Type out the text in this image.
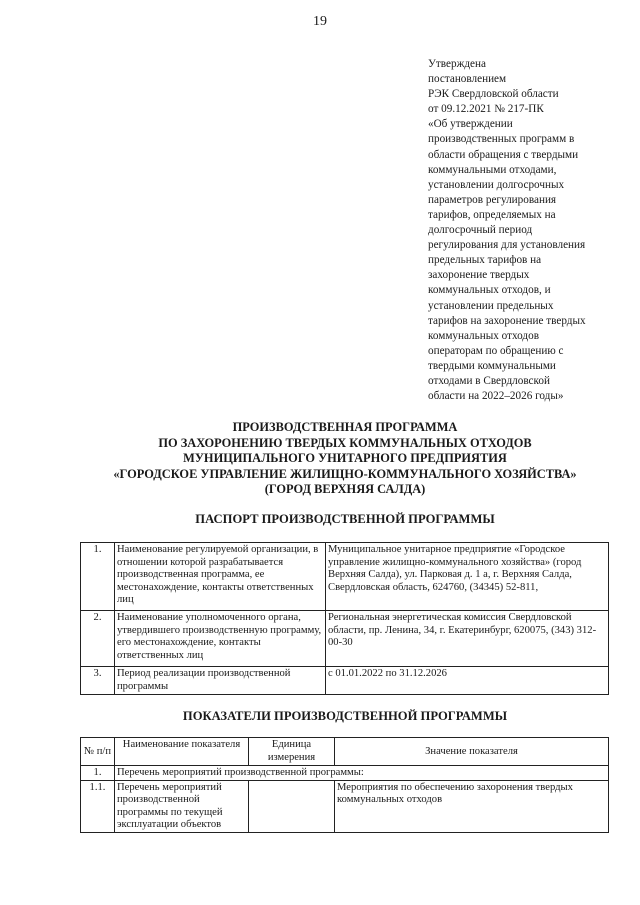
19
Утверждена
постановлением
РЭК Свердловской области
от 09.12.2021 № 217-ПК
«Об утверждении
производственных программ в
области обращения с твердыми
коммунальными отходами,
установлении долгосрочных
параметров регулирования
тарифов, определяемых на
долгосрочный период
регулирования для установления
предельных тарифов на
захоронение твердых
коммунальных отходов, и
установлении предельных
тарифов на захоронение твердых
коммунальных отходов
операторам по обращению с
твердыми коммунальными
отходами в Свердловской
области на 2022–2026 годы»
ПРОИЗВОДСТВЕННАЯ ПРОГРАММА
ПО ЗАХОРОНЕНИЮ ТВЕРДЫХ КОММУНАЛЬНЫХ ОТХОДОВ
МУНИЦИПАЛЬНОГО УНИТАРНОГО ПРЕДПРИЯТИЯ
«ГОРОДСКОЕ УПРАВЛЕНИЕ ЖИЛИЩНО-КОММУНАЛЬНОГО ХОЗЯЙСТВА»
(ГОРОД ВЕРХНЯЯ САЛДА)
ПАСПОРТ ПРОИЗВОДСТВЕННОЙ ПРОГРАММЫ
1.	Наименование регулируемой организации, в отношении которой разрабатывается производственная программа, ее местонахождение, контакты ответственных лиц	Муниципальное унитарное предприятие «Городское управление жилищно-коммунального хозяйства» (город Верхняя Салда), ул. Парковая д. 1 а, г. Верхняя Салда, Свердловская область, 624760, (34345) 52-811,
2.	Наименование уполномоченного органа, утвердившего производственную программу, его местонахождение, контакты ответственных лиц	Региональная энергетическая комиссия Свердловской области, пр. Ленина, 34, г. Екатеринбург, 620075, (343) 312-00-30
3.	Период реализации производственной программы	с 01.01.2022 по 31.12.2026
ПОКАЗАТЕЛИ ПРОИЗВОДСТВЕННОЙ ПРОГРАММЫ
№ п/п	Наименование показателя	Единица измерения	Значение показателя
1.	Перечень мероприятий производственной программы:		
1.1.	Перечень мероприятий производственной программы по текущей эксплуатации объектов		Мероприятия по обеспечению захоронения твердых коммунальных отходов
